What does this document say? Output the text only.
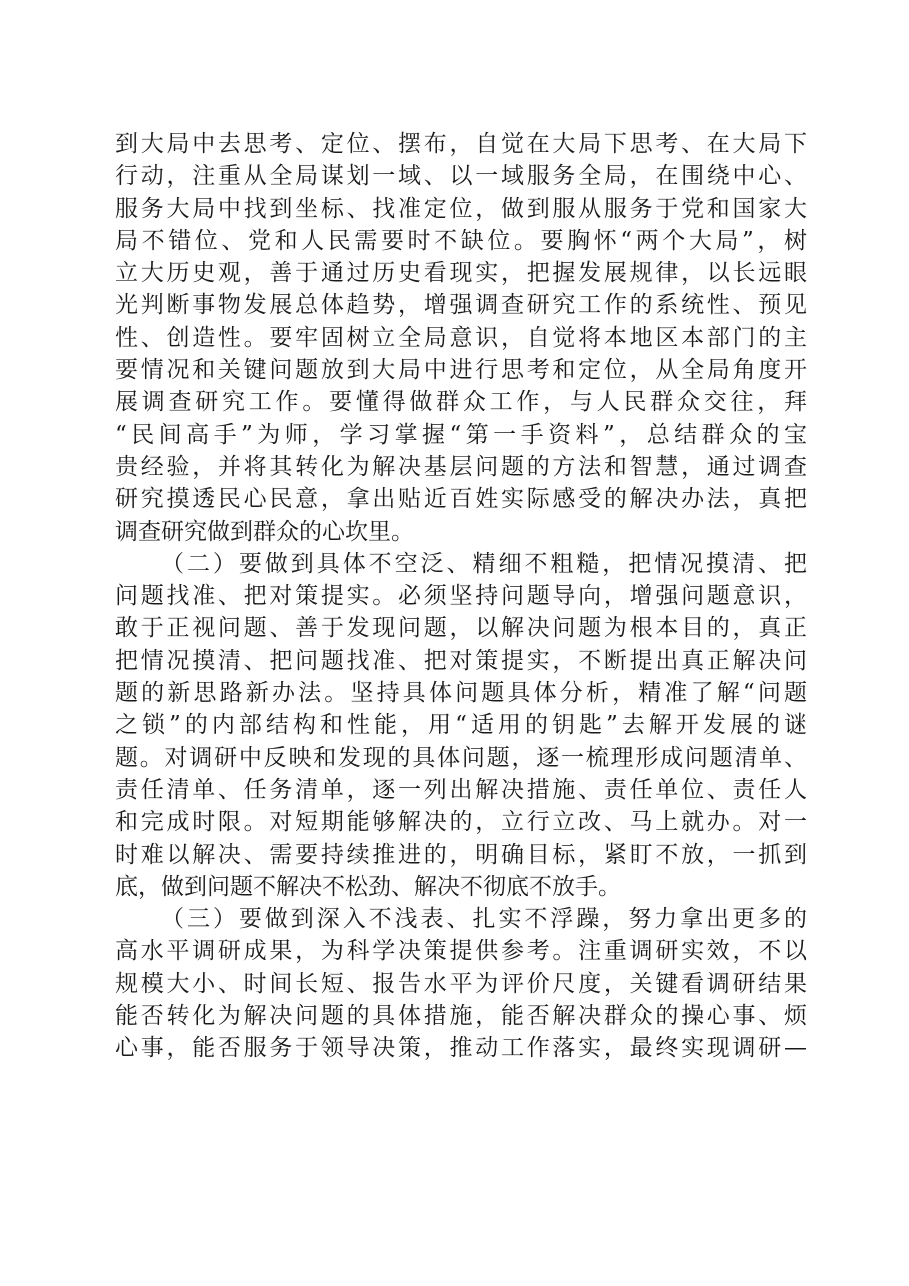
到大局中去思考、定位、摆布，自觉在大局下思考、在大局下
行动，注重从全局谋划一域、以一域服务全局，在围绕中心、
服务大局中找到坐标、找准定位，做到服从服务于党和国家大
局不错位、党和人民需要时不缺位。要胸怀“两个大局”，树
立大历史观，善于通过历史看现实，把握发展规律，以长远眼
光判断事物发展总体趋势，增强调查研究工作的系统性、预见
性、创造性。要牢固树立全局意识，自觉将本地区本部门的主
要情况和关键问题放到大局中进行思考和定位，从全局角度开
展调查研究工作。要懂得做群众工作，与人民群众交往，拜
“民间高手”为师，学习掌握“第一手资料”，总结群众的宝
贵经验，并将其转化为解决基层问题的方法和智慧，通过调查
研究摸透民心民意，拿出贴近百姓实际感受的解决办法，真把
调查研究做到群众的心坎里。
（二）要做到具体不空泛、精细不粗糙，把情况摸清、把
问题找准、把对策提实。必须坚持问题导向，增强问题意识，
敢于正视问题、善于发现问题，以解决问题为根本目的，真正
把情况摸清、把问题找准、把对策提实，不断提出真正解决问
题的新思路新办法。坚持具体问题具体分析，精准了解“问题
之锁”的内部结构和性能，用“适用的钥匙”去解开发展的谜
题。对调研中反映和发现的具体问题，逐一梳理形成问题清单、
责任清单、任务清单，逐一列出解决措施、责任单位、责任人
和完成时限。对短期能够解决的，立行立改、马上就办。对一
时难以解决、需要持续推进的，明确目标，紧盯不放，一抓到
底，做到问题不解决不松劲、解决不彻底不放手。
（三）要做到深入不浅表、扎实不浮躁，努力拿出更多的
高水平调研成果，为科学决策提供参考。注重调研实效，不以
规模大小、时间长短、报告水平为评价尺度，关键看调研结果
能否转化为解决问题的具体措施，能否解决群众的操心事、烦
心事，能否服务于领导决策，推动工作落实，最终实现调研—
